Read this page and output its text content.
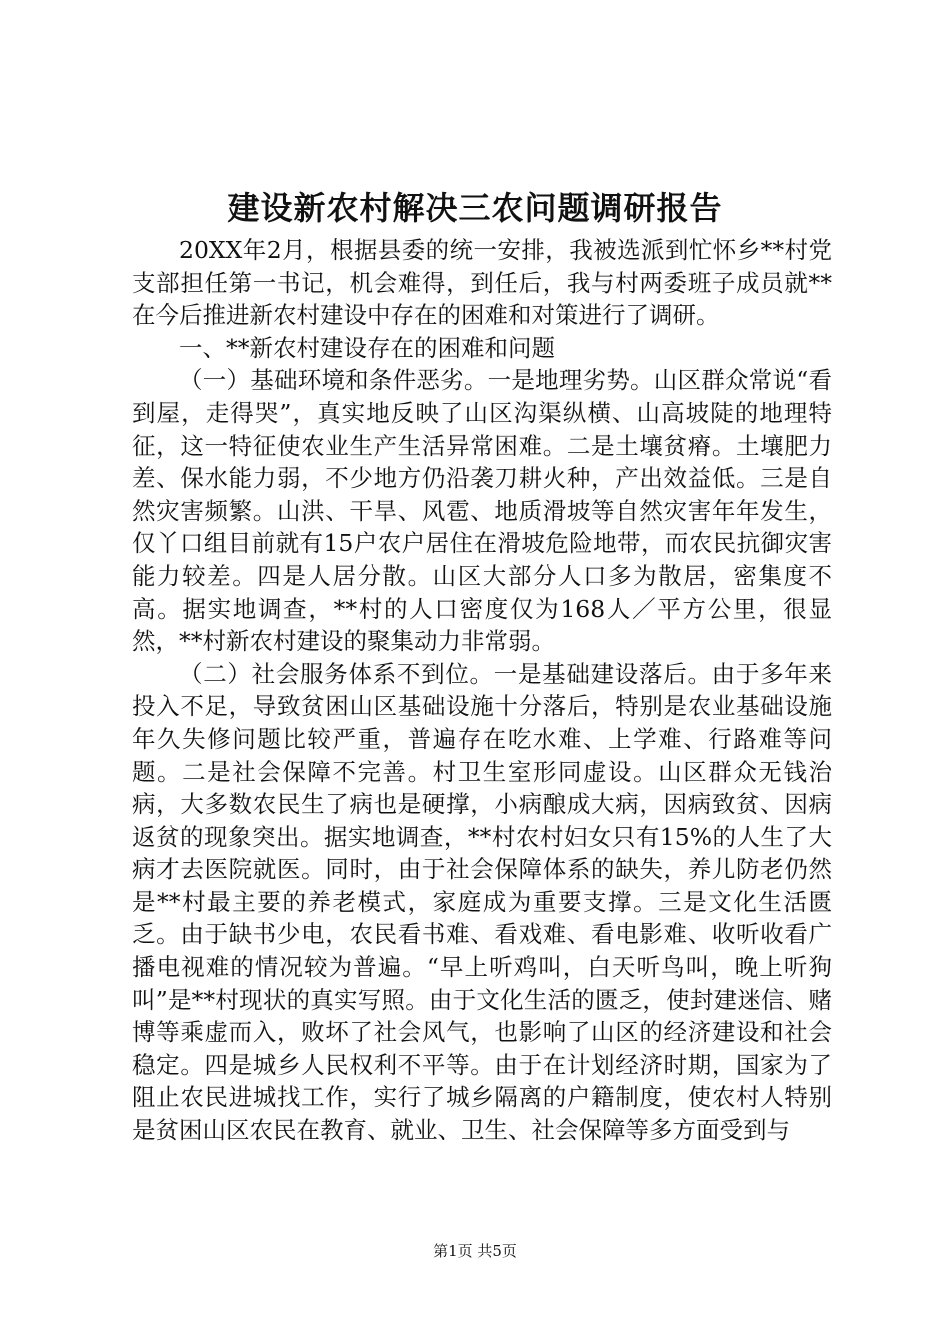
建设新农村解决三农问题调研报告

20XX年2月，根据县委的统一安排，我被选派到忙怀乡**村党支部担任第一书记，机会难得，到任后，我与村两委班子成员就**在今后推进新农村建设中存在的困难和对策进行了调研。

一、**新农村建设存在的困难和问题

（一）基础环境和条件恶劣。一是地理劣势。山区群众常说“看到屋，走得哭”，真实地反映了山区沟渠纵横、山高坡陡的地理特征，这一特征使农业生产生活异常困难。二是土壤贫瘠。土壤肥力差、保水能力弱，不少地方仍沿袭刀耕火种，产出效益低。三是自然灾害频繁。山洪、干旱、风雹、地质滑坡等自然灾害年年发生，仅丫口组目前就有15户农户居住在滑坡危险地带，而农民抗御灾害能力较差。四是人居分散。山区大部分人口多为散居，密集度不高。据实地调查，**村的人口密度仅为168人／平方公里，很显然，**村新农村建设的聚集动力非常弱。

（二）社会服务体系不到位。一是基础建设落后。由于多年来投入不足，导致贫困山区基础设施十分落后，特别是农业基础设施年久失修问题比较严重，普遍存在吃水难、上学难、行路难等问题。二是社会保障不完善。村卫生室形同虚设。山区群众无钱治病，大多数农民生了病也是硬撑，小病酿成大病，因病致贫、因病返贫的现象突出。据实地调查，**村农村妇女只有15%的人生了大病才去医院就医。同时，由于社会保障体系的缺失，养儿防老仍然是**村最主要的养老模式，家庭成为重要支撑。三是文化生活匮乏。由于缺书少电，农民看书难、看戏难、看电影难、收听收看广播电视难的情况较为普遍。“早上听鸡叫，白天听鸟叫，晚上听狗叫”是**村现状的真实写照。由于文化生活的匮乏，使封建迷信、赌博等乘虚而入，败坏了社会风气，也影响了山区的经济建设和社会稳定。四是城乡人民权利不平等。由于在计划经济时期，国家为了阻止农民进城找工作，实行了城乡隔离的户籍制度，使农村人特别是贫困山区农民在教育、就业、卫生、社会保障等多方面受到与

第1页 共5页
